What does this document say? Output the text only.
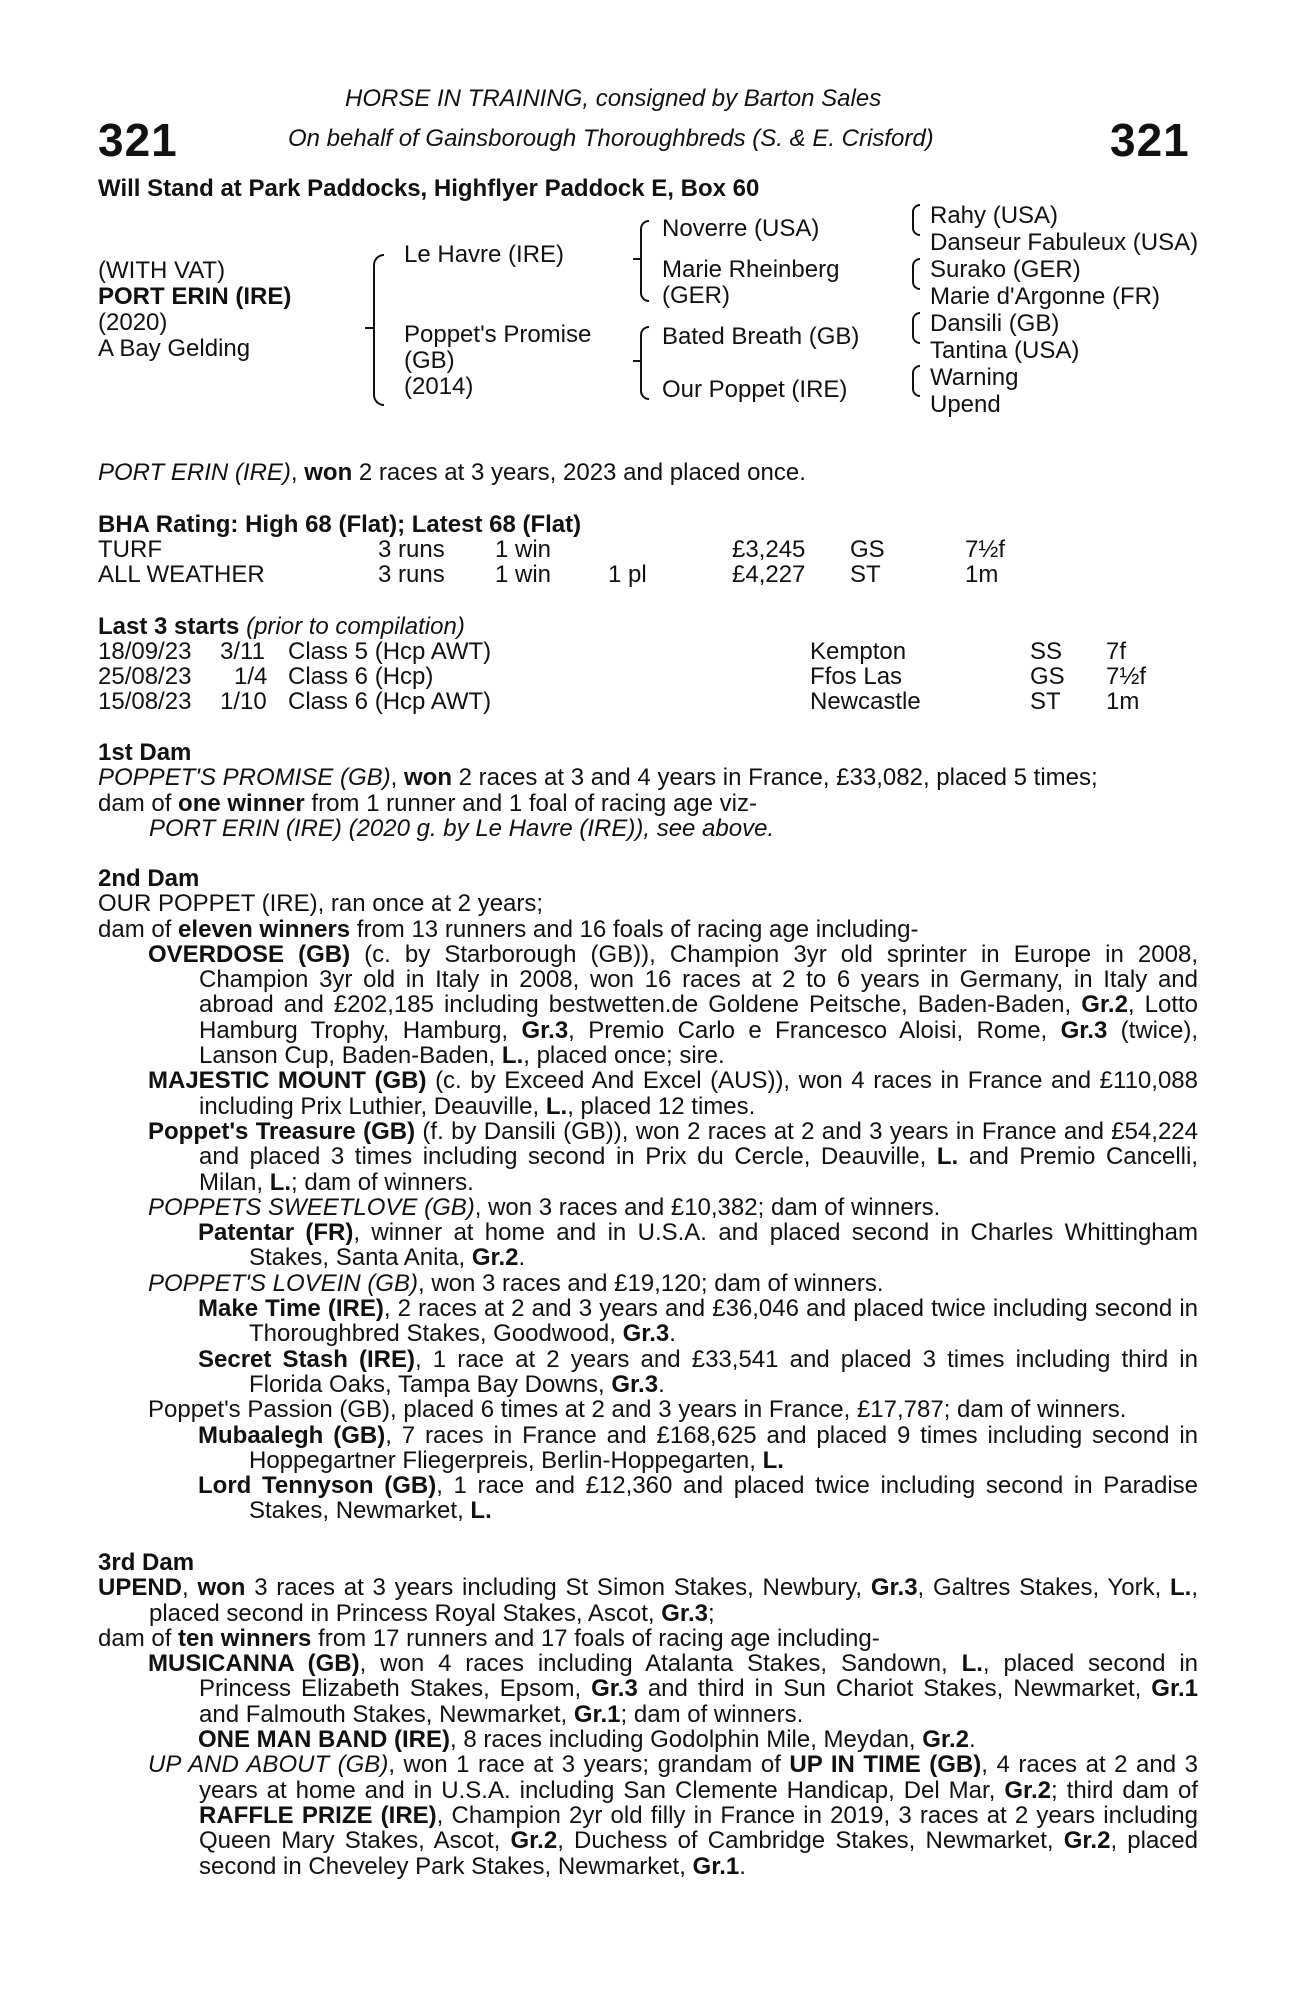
HORSE IN TRAINING, consigned by Barton Sales
On behalf of Gainsborough Thoroughbreds (S. & E. Crisford)
321	321
Will Stand at Park Paddocks, Highflyer Paddock E, Box 60
(WITH VAT)
PORT ERIN (IRE)
(2020)
A Bay Gelding
Le Havre (IRE)
Poppet's Promise
(GB)
(2014)
Noverre (USA)
Marie Rheinberg
(GER)
Bated Breath (GB)
Our Poppet (IRE)
Rahy (USA)
Danseur Fabuleux (USA)
Surako (GER)
Marie d'Argonne (FR)
Dansili (GB)
Tantina (USA)
Warning
Upend
PORT ERIN (IRE), won 2 races at 3 years, 2023 and placed once.
BHA Rating: High 68 (Flat); Latest 68 (Flat)
TURF	3 runs 1 win	£3,245 GS	7½f
ALL WEATHER	3 runs 1 win 1 pl	£4,227 ST	1m
Last 3 starts (prior to compilation)
18/09/23 3/11 Class 5 (Hcp AWT)	Kempton	SS 7f
25/08/23 1/4 Class 6 (Hcp)	Ffos Las	GS 7½f
15/08/23 1/10 Class 6 (Hcp AWT)	Newcastle	ST 1m

1st Dam

POPPET'S PROMISE (GB), won 2 races at 3 and 4 years in France, £33,082, placed 5 times;

dam of one winner from 1 runner and 1 foal of racing age viz-

PORT ERIN (IRE) (2020 g. by Le Havre (IRE)), see above.

2nd Dam

OUR POPPET (IRE), ran once at 2 years;

dam of eleven winners from 13 runners and 16 foals of racing age including-

OVERDOSE (GB) (c. by Starborough (GB)), Champion 3yr old sprinter in Europe in 2008, Champion 3yr old in Italy in 2008, won 16 races at 2 to 6 years in Germany, in Italy and abroad and £202,185 including bestwetten.de Goldene Peitsche, Baden-Baden, Gr.2, Lotto Hamburg Trophy, Hamburg, Gr.3, Premio Carlo e Francesco Aloisi, Rome, Gr.3 (twice), Lanson Cup, Baden-Baden, L., placed once; sire.

MAJESTIC MOUNT (GB) (c. by Exceed And Excel (AUS)), won 4 races in France and £110,088 including Prix Luthier, Deauville, L., placed 12 times.

Poppet's Treasure (GB) (f. by Dansili (GB)), won 2 races at 2 and 3 years in France and £54,224 and placed 3 times including second in Prix du Cercle, Deauville, L. and Premio Cancelli, Milan, L.; dam of winners.

POPPETS SWEETLOVE (GB), won 3 races and £10,382; dam of winners.

Patentar (FR), winner at home and in U.S.A. and placed second in Charles Whittingham Stakes, Santa Anita, Gr.2.

POPPET'S LOVEIN (GB), won 3 races and £19,120; dam of winners.

Make Time (IRE), 2 races at 2 and 3 years and £36,046 and placed twice including second in Thoroughbred Stakes, Goodwood, Gr.3.

Secret Stash (IRE), 1 race at 2 years and £33,541 and placed 3 times including third in Florida Oaks, Tampa Bay Downs, Gr.3.

Poppet's Passion (GB), placed 6 times at 2 and 3 years in France, £17,787; dam of winners.

Mubaalegh (GB), 7 races in France and £168,625 and placed 9 times including second in Hoppegartner Fliegerpreis, Berlin-Hoppegarten, L.

Lord Tennyson (GB), 1 race and £12,360 and placed twice including second in Paradise Stakes, Newmarket, L.

3rd Dam

UPEND, won 3 races at 3 years including St Simon Stakes, Newbury, Gr.3, Galtres Stakes, York, L., placed second in Princess Royal Stakes, Ascot, Gr.3;

dam of ten winners from 17 runners and 17 foals of racing age including-

MUSICANNA (GB), won 4 races including Atalanta Stakes, Sandown, L., placed second in Princess Elizabeth Stakes, Epsom, Gr.3 and third in Sun Chariot Stakes, Newmarket, Gr.1 and Falmouth Stakes, Newmarket, Gr.1; dam of winners.

ONE MAN BAND (IRE), 8 races including Godolphin Mile, Meydan, Gr.2.

UP AND ABOUT (GB), won 1 race at 3 years; grandam of UP IN TIME (GB), 4 races at 2 and 3 years at home and in U.S.A. including San Clemente Handicap, Del Mar, Gr.2; third dam of RAFFLE PRIZE (IRE), Champion 2yr old filly in France in 2019, 3 races at 2 years including Queen Mary Stakes, Ascot, Gr.2, Duchess of Cambridge Stakes, Newmarket, Gr.2, placed second in Cheveley Park Stakes, Newmarket, Gr.1.
